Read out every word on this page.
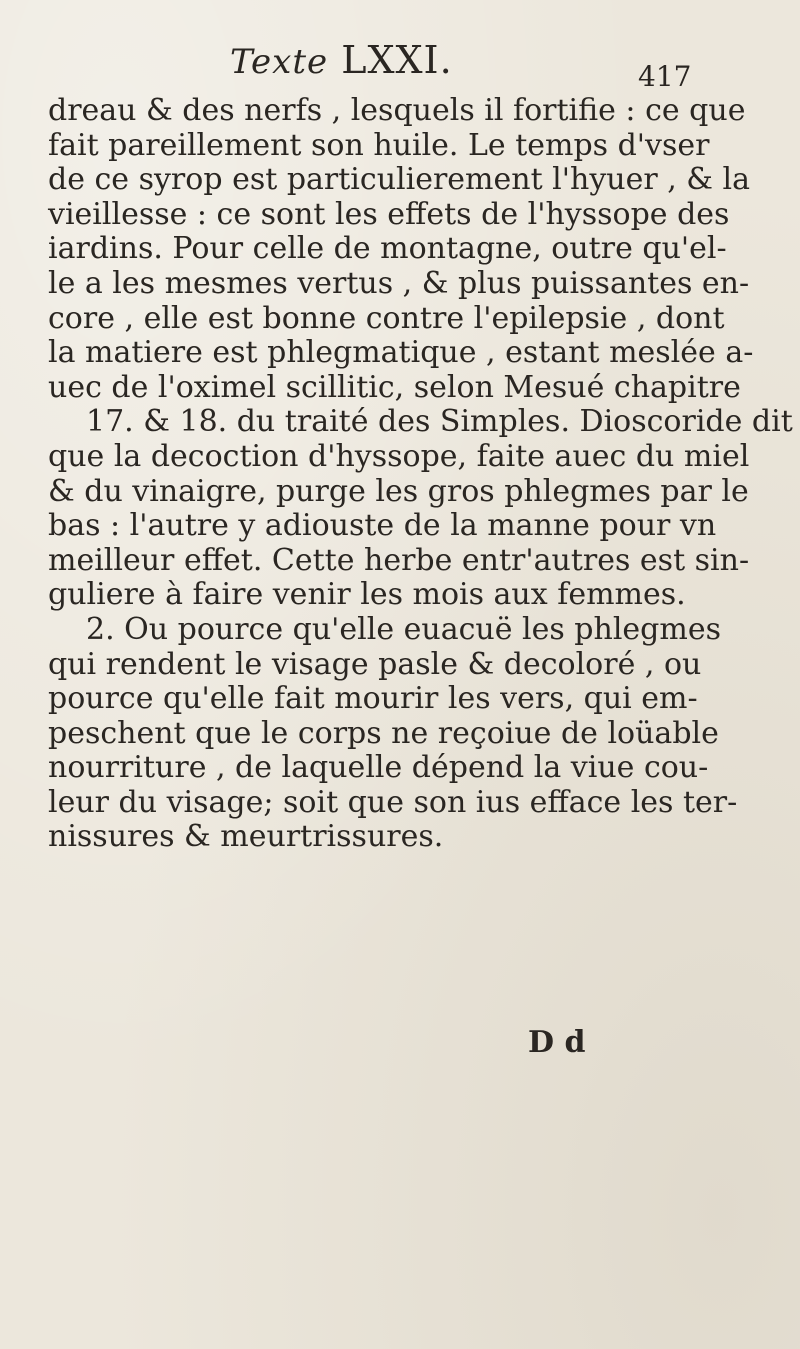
Texte LXXI.	417
dreau & des nerfs , lesquels il fortifie : ce que
fait pareillement son huile. Le temps d'vser
de ce syrop est particulierement l'hyuer , & la
vieillesse : ce sont les effets de l'hyssope des
iardins. Pour celle de montagne, outre qu'el-
le a les mesmes vertus , & plus puissantes en-
core , elle est bonne contre l'epilepsie , dont
la matiere est phlegmatique , estant meslée a-
uec de l'oximel scillitic, selon Mesué chapitre
17. & 18. du traité des Simples. Dioscoride dit
que la decoction d'hyssope, faite auec du miel
& du vinaigre, purge les gros phlegmes par le
bas : l'autre y adiouste de la manne pour vn
meilleur effet. Cette herbe entr'autres est sin-
guliere à faire venir les mois aux femmes.
2. Ou pource qu'elle euacuë les phlegmes
qui rendent le visage pasle & decoloré , ou
pource qu'elle fait mourir les vers, qui em-
peschent que le corps ne reçoiue de loüable
nourriture , de laquelle dépend la viue cou-
leur du visage; soit que son ius efface les ter-
nissures & meurtrissures.
D d
